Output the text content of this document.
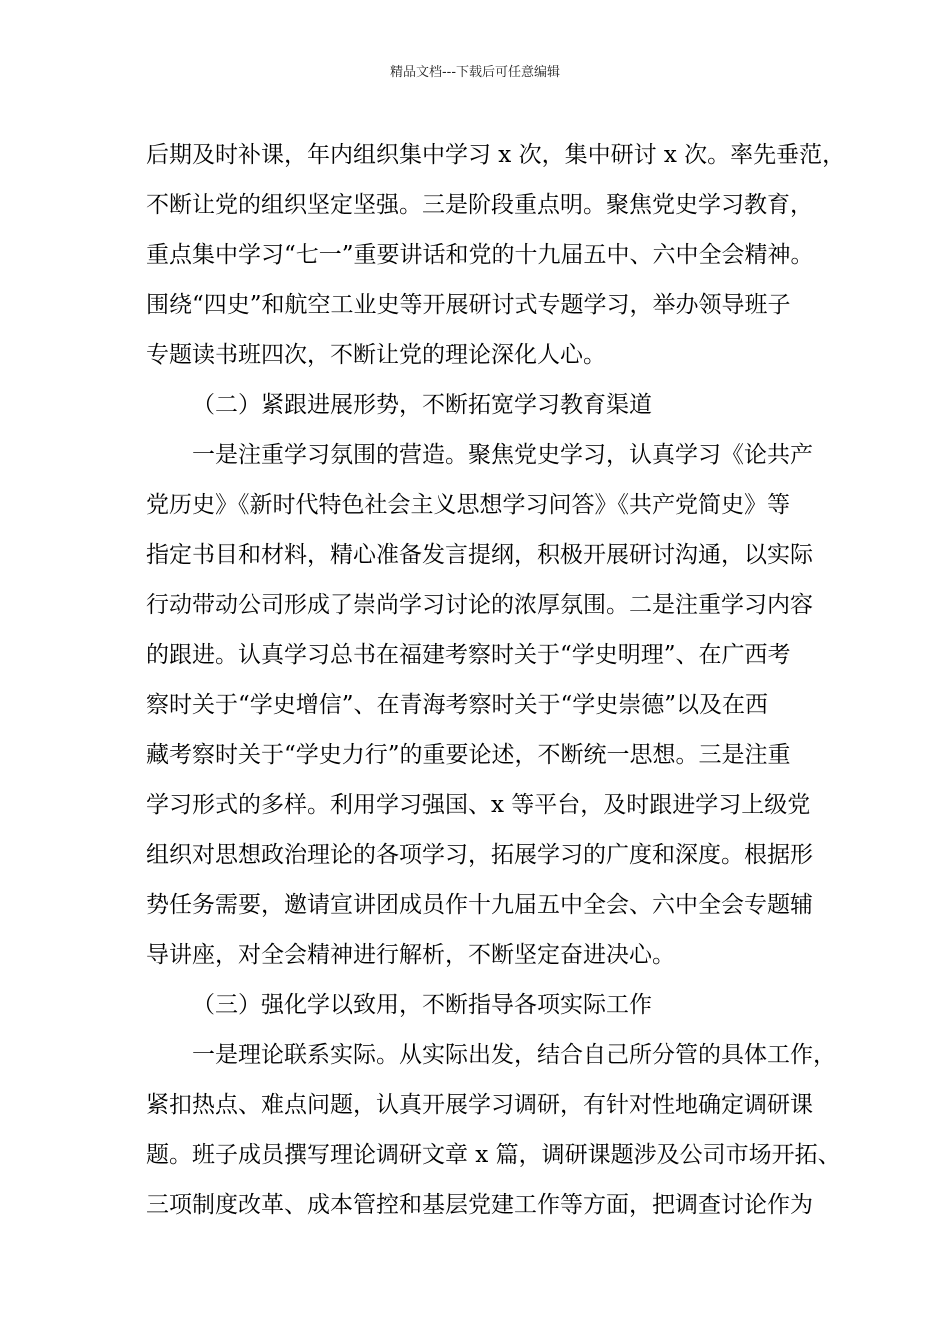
精品文档---下载后可任意编辑
后期及时补课，年内组织集中学习 x 次，集中研讨 x 次。率先垂范，
不断让党的组织坚定坚强。三是阶段重点明。聚焦党史学习教育，
重点集中学习“七一”重要讲话和党的十九届五中、六中全会精神。
围绕“四史”和航空工业史等开展研讨式专题学习，举办领导班子
专题读书班四次，不断让党的理论深化人心。
（二）紧跟进展形势，不断拓宽学习教育渠道
一是注重学习氛围的营造。聚焦党史学习，认真学习《论共产
党历史》《新时代特色社会主义思想学习问答》《共产党简史》等
指定书目和材料，精心准备发言提纲，积极开展研讨沟通，以实际
行动带动公司形成了崇尚学习讨论的浓厚氛围。二是注重学习内容
的跟进。认真学习总书在福建考察时关于“学史明理”、在广西考
察时关于“学史增信”、在青海考察时关于“学史崇德”以及在西
藏考察时关于“学史力行”的重要论述，不断统一思想。三是注重
学习形式的多样。利用学习强国、x 等平台，及时跟进学习上级党
组织对思想政治理论的各项学习，拓展学习的广度和深度。根据形
势任务需要，邀请宣讲团成员作十九届五中全会、六中全会专题辅
导讲座，对全会精神进行解析，不断坚定奋进决心。
（三）强化学以致用，不断指导各项实际工作
一是理论联系实际。从实际出发，结合自己所分管的具体工作，
紧扣热点、难点问题，认真开展学习调研，有针对性地确定调研课
题。班子成员撰写理论调研文章 x 篇，调研课题涉及公司市场开拓、
三项制度改革、成本管控和基层党建工作等方面，把调查讨论作为
